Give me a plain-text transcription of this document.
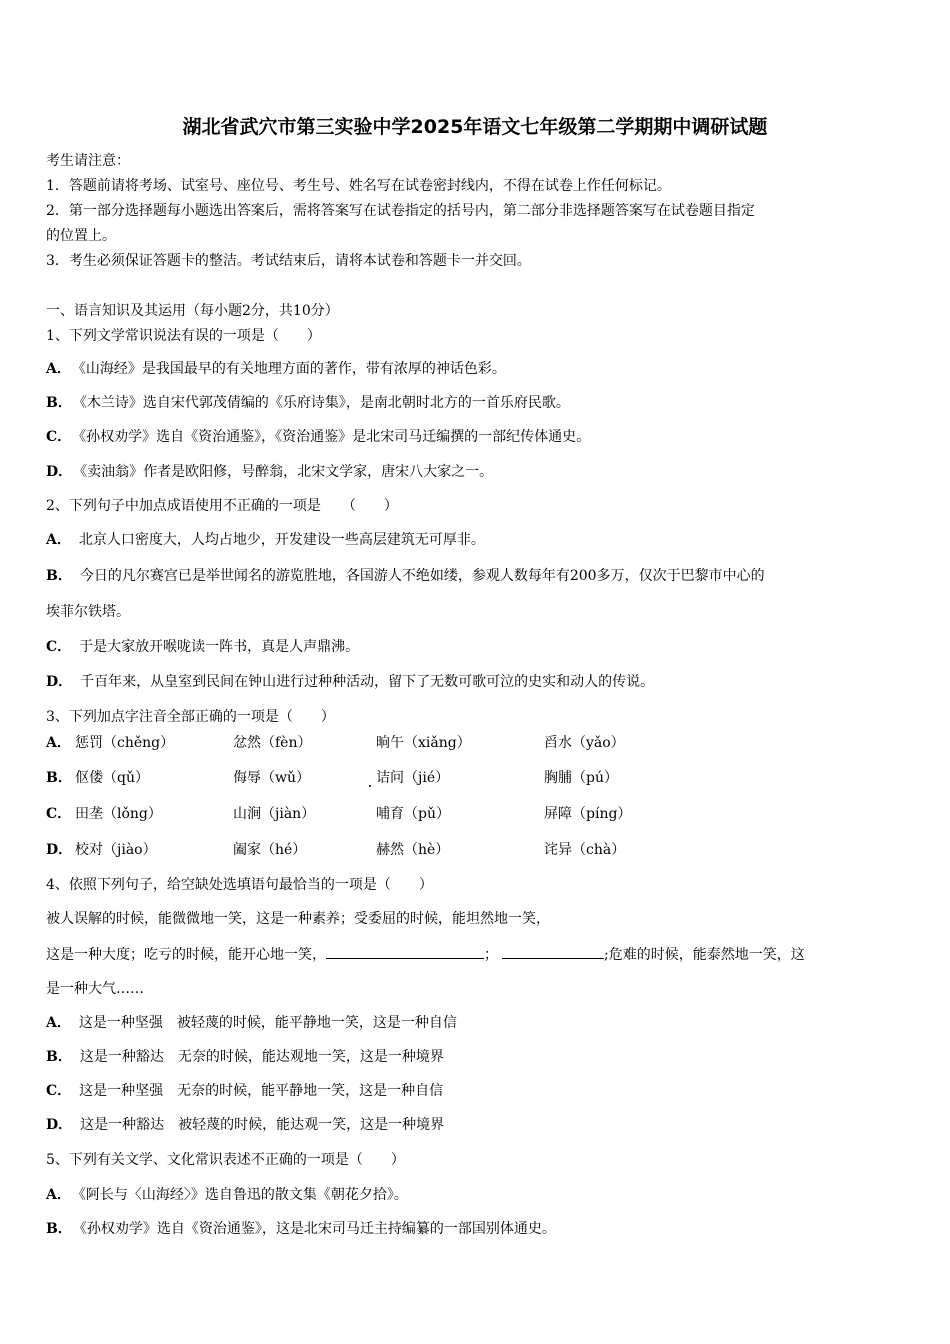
湖北省武穴市第三实验中学2025年语文七年级第二学期期中调研试题
考生请注意：
1．答题前请将考场、试室号、座位号、考生号、姓名写在试卷密封线内，不得在试卷上作任何标记。
2．第一部分选择题每小题选出答案后，需将答案写在试卷指定的括号内，第二部分非选择题答案写在试卷题目指定
的位置上。
3．考生必须保证答题卡的整洁。考试结束后，请将本试卷和答题卡一并交回。
一、语言知识及其运用（每小题2分，共10分）
1、下列文学常识说法有误的一项是（　　）
A． 《山海经》是我国最早的有关地理方面的著作，带有浓厚的神话色彩。
B． 《木兰诗》选自宋代郭茂倩编的《乐府诗集》，是南北朝时北方的一首乐府民歌。
C． 《孙权劝学》选自《资治通鉴》，《资治通鉴》是北宋司马迁编撰的一部纪传体通史。
D． 《卖油翁》作者是欧阳修，号醉翁，北宋文学家，唐宋八大家之一。
2、下列句子中加点成语使用不正确的一项是　　（　　）
A． 北京人口密度大，人均占地少，开发建设一些高层建筑无可厚非。
B． 今日的凡尔赛宫已是举世闻名的游览胜地，各国游人不绝如缕，参观人数每年有200多万，仅次于巴黎市中心的
埃菲尔铁塔。
C． 于是大家放开喉咙读一阵书，真是人声鼎沸。
D． 千百年来，从皇室到民间在钟山进行过种种活动，留下了无数可歌可泣的史实和动人的传说。
3、下列加点字注音全部正确的一项是（　　）
A． 惩罚（chěng）	忿然（fèn）	晌午（xiǎng）	舀水（yǎo）
B． 伛偻（qǔ）	侮辱（wǔ）	诘问（jié）	胸脯（pú）
C． 田垄（lǒng）	山涧（jiàn）	哺育（pǔ）	屏障（píng）
D． 校对（jiào）	阖家（hé）	赫然（hè）	诧异（chà）
4、依照下列句子，给空缺处选填语句最恰当的一项是（　　）
被人误解的时候，能微微地一笑，这是一种素养；受委屈的时候，能坦然地一笑，
这是一种大度；吃亏的时候，能开心地一笑，	；	;危难的时候，能泰然地一笑，这
是一种大气……
A． 这是一种坚强　被轻蔑的时候，能平静地一笑，这是一种自信
B． 这是一种豁达　无奈的时候，能达观地一笑，这是一种境界
C． 这是一种坚强　无奈的时候，能平静地一笑，这是一种自信
D． 这是一种豁达　被轻蔑的时候，能达观一笑，这是一种境界
5、下列有关文学、文化常识表述不正确的一项是（　　）
A． 《阿长与〈山海经〉》选自鲁迅的散文集《朝花夕拾》。
B． 《孙权劝学》选自《资治通鉴》，这是北宋司马迁主持编纂的一部国别体通史。
